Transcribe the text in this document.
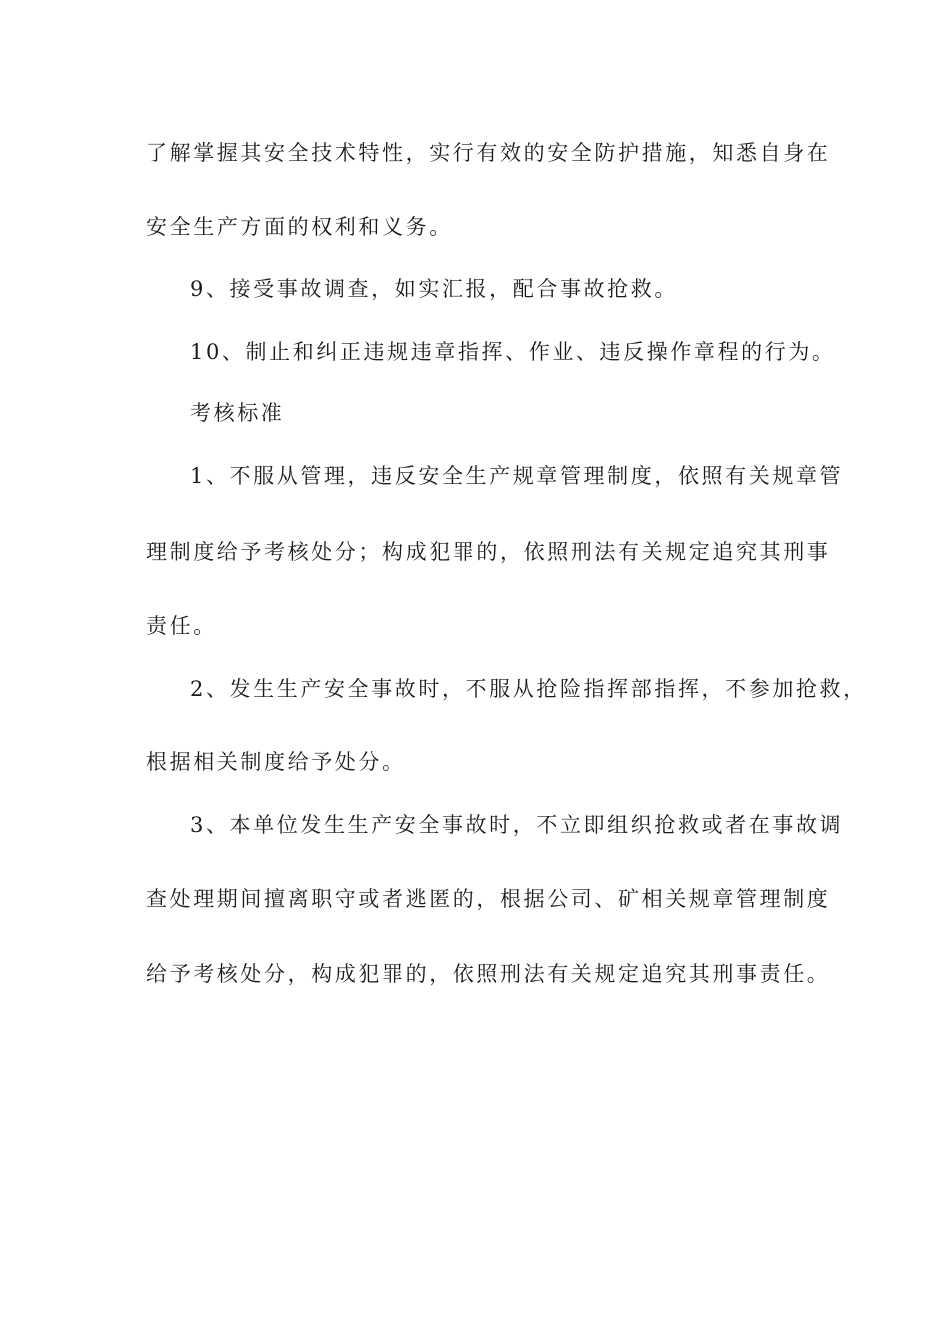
了解掌握其安全技术特性，实行有效的安全防护措施，知悉自身在
安全生产方面的权利和义务。
9、接受事故调查，如实汇报，配合事故抢救。
10、制止和纠正违规违章指挥、作业、违反操作章程的行为。
考核标准
1、不服从管理，违反安全生产规章管理制度，依照有关规章管
理制度给予考核处分；构成犯罪的，依照刑法有关规定追究其刑事
责任。
2、发生生产安全事故时，不服从抢险指挥部指挥，不参加抢救，
根据相关制度给予处分。
3、本单位发生生产安全事故时，不立即组织抢救或者在事故调
查处理期间擅离职守或者逃匿的，根据公司、矿相关规章管理制度
给予考核处分，构成犯罪的，依照刑法有关规定追究其刑事责任。
